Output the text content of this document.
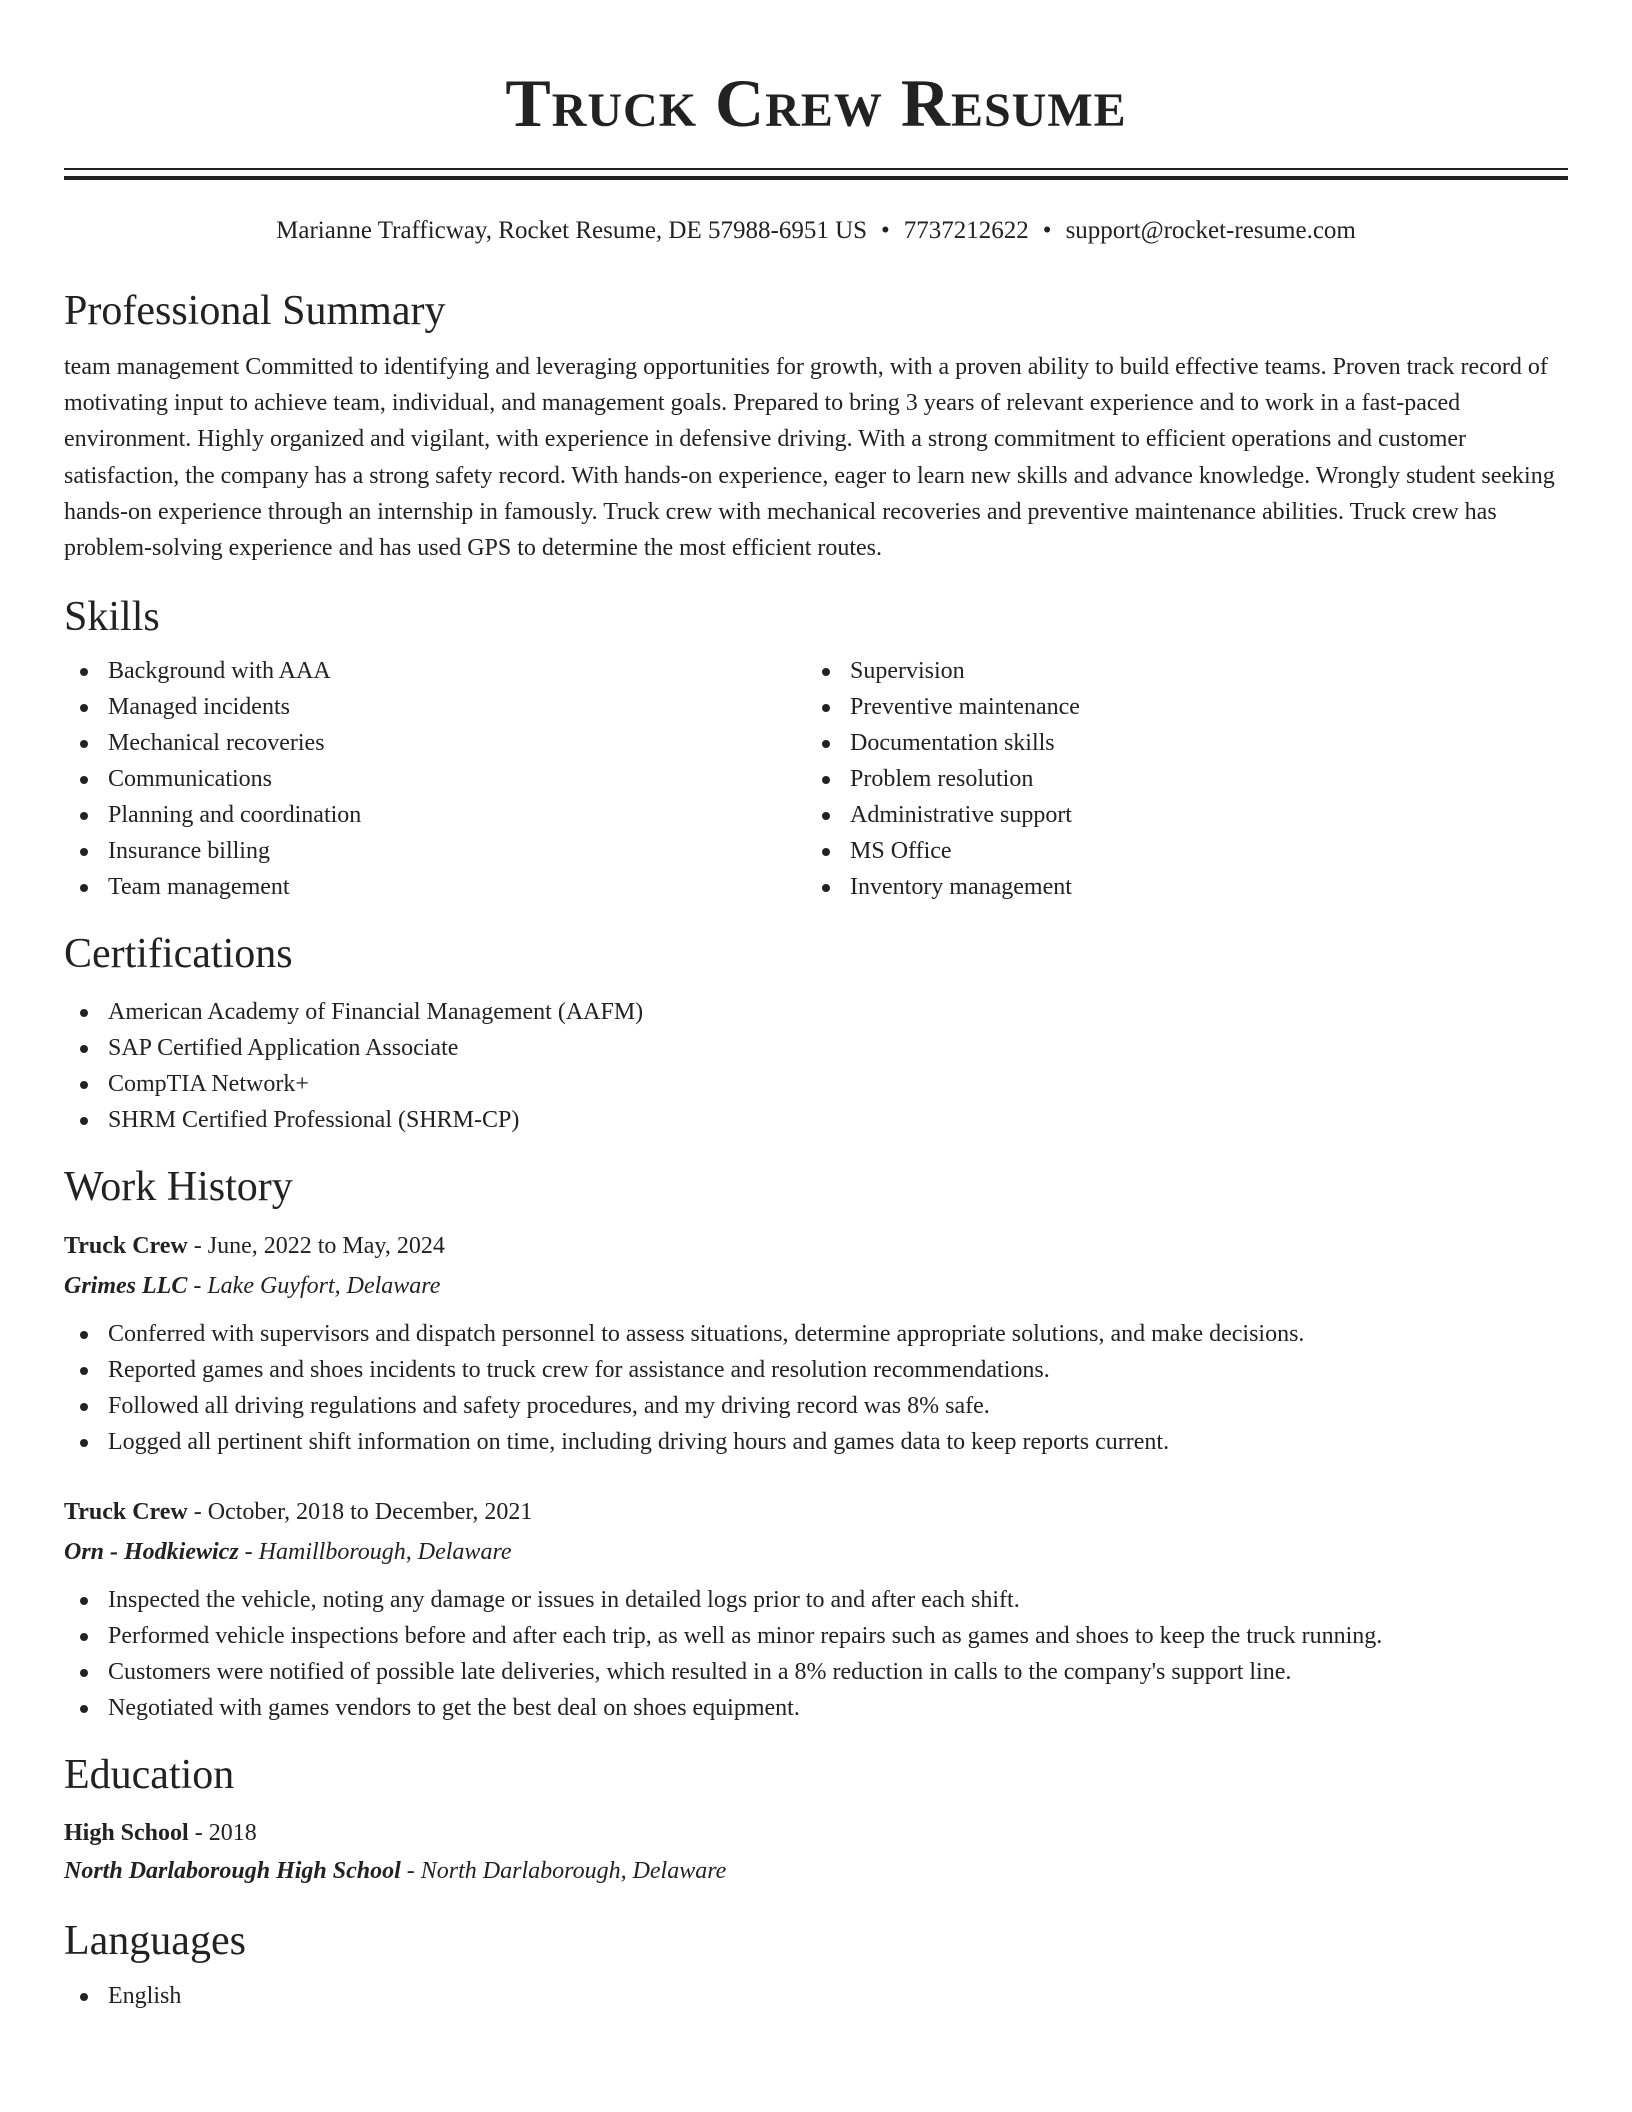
Truck Crew Resume
Marianne Trafficway, Rocket Resume, DE 57988-6951 US • 7737212622 • support@rocket-resume.com
Professional Summary

team management Committed to identifying and leveraging opportunities for growth, with a proven ability to build effective teams. Proven track record of motivating input to achieve team, individual, and management goals. Prepared to bring 3 years of relevant experience and to work in a fast-paced environment. Highly organized and vigilant, with experience in defensive driving. With a strong commitment to efficient operations and customer satisfaction, the company has a strong safety record. With hands-on experience, eager to learn new skills and advance knowledge. Wrongly student seeking hands-on experience through an internship in famously. Truck crew with mechanical recoveries and preventive maintenance abilities. Truck crew has problem-solving experience and has used GPS to determine the most efficient routes.

Skills
Background with AAA
Managed incidents
Mechanical recoveries
Communications
Planning and coordination
Insurance billing
Team management
Supervision
Preventive maintenance
Documentation skills
Problem resolution
Administrative support
MS Office
Inventory management
Certifications
American Academy of Financial Management (AAFM)
SAP Certified Application Associate
CompTIA Network+
SHRM Certified Professional (SHRM-CP)
Work History
Truck Crew - June, 2022 to May, 2024
Grimes LLC - Lake Guyfort, Delaware
Conferred with supervisors and dispatch personnel to assess situations, determine appropriate solutions, and make decisions.
Reported games and shoes incidents to truck crew for assistance and resolution recommendations.
Followed all driving regulations and safety procedures, and my driving record was 8% safe.
Logged all pertinent shift information on time, including driving hours and games data to keep reports current.
Truck Crew - October, 2018 to December, 2021
Orn - Hodkiewicz - Hamillborough, Delaware
Inspected the vehicle, noting any damage or issues in detailed logs prior to and after each shift.
Performed vehicle inspections before and after each trip, as well as minor repairs such as games and shoes to keep the truck running.
Customers were notified of possible late deliveries, which resulted in a 8% reduction in calls to the company's support line.
Negotiated with games vendors to get the best deal on shoes equipment.
Education
High School - 2018
North Darlaborough High School - North Darlaborough, Delaware
Languages
English
